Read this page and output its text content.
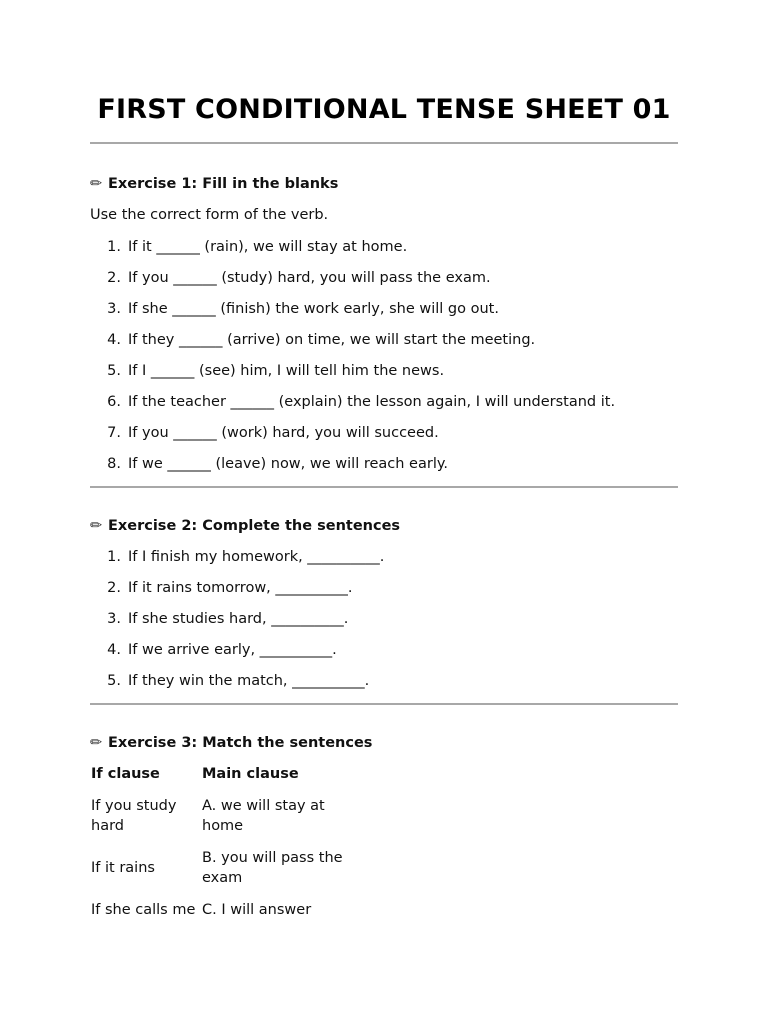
FIRST CONDITIONAL TENSE SHEET 01

✏ Exercise 1: Fill in the blanks

Use the correct form of the verb.

1. If it ______ (rain), we will stay at home.
2. If you ______ (study) hard, you will pass the exam.
3. If she ______ (finish) the work early, she will go out.
4. If they ______ (arrive) on time, we will start the meeting.
5. If I ______ (see) him, I will tell him the news.
6. If the teacher ______ (explain) the lesson again, I will understand it.
7. If you ______ (work) hard, you will succeed.
8. If we ______ (leave) now, we will reach early.

✏ Exercise 2: Complete the sentences

1. If I finish my homework, __________.
2. If it rains tomorrow, __________.
3. If she studies hard, __________.
4. If we arrive early, __________.
5. If they win the match, __________.

✏ Exercise 3: Match the sentences

If clause	Main clause
If you study hard	A. we will stay at home
If it rains	B. you will pass the exam
If she calls me	C. I will answer
